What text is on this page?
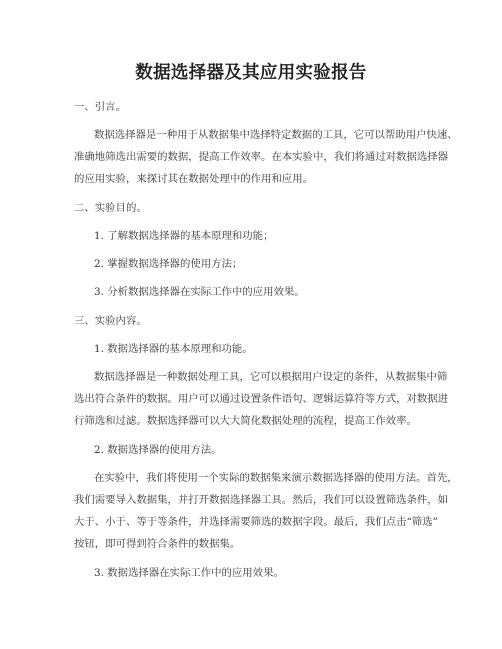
数据选择器及其应用实验报告
一、引言。
数据选择器是一种用于从数据集中选择特定数据的工具，它可以帮助用户快速、
准确地筛选出需要的数据，提高工作效率。在本实验中，我们将通过对数据选择器
的应用实验，来探讨其在数据处理中的作用和应用。
二、实验目的。
1. 了解数据选择器的基本原理和功能；
2. 掌握数据选择器的使用方法；
3. 分析数据选择器在实际工作中的应用效果。
三、实验内容。
1. 数据选择器的基本原理和功能。
数据选择器是一种数据处理工具，它可以根据用户设定的条件，从数据集中筛
选出符合条件的数据。用户可以通过设置条件语句、逻辑运算符等方式，对数据进
行筛选和过滤。数据选择器可以大大简化数据处理的流程，提高工作效率。
2. 数据选择器的使用方法。
在实验中，我们将使用一个实际的数据集来演示数据选择器的使用方法。首先，
我们需要导入数据集，并打开数据选择器工具。然后，我们可以设置筛选条件，如
大于、小于、等于等条件，并选择需要筛选的数据字段。最后，我们点击“筛选”
按钮，即可得到符合条件的数据集。
3. 数据选择器在实际工作中的应用效果。
